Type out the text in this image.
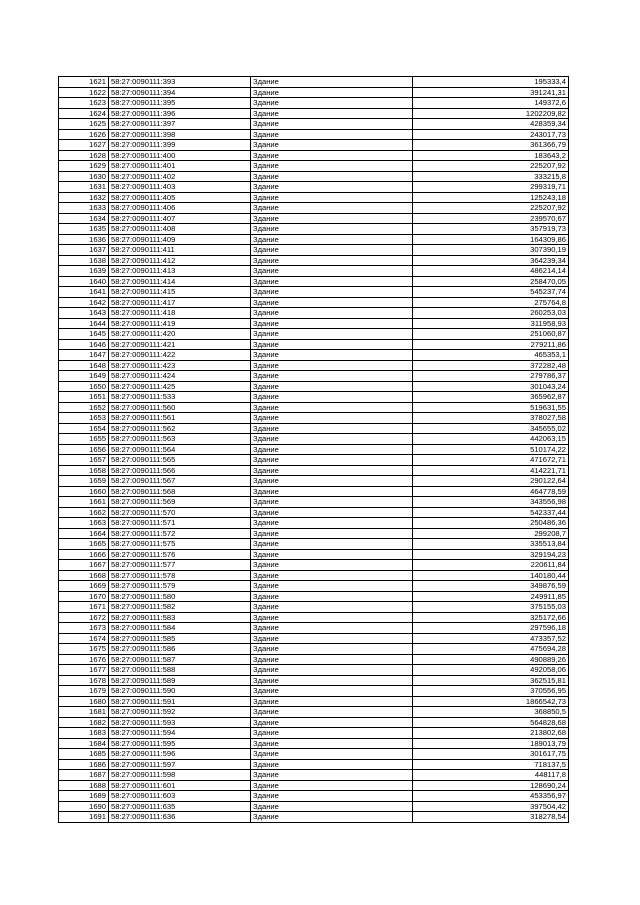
1621	58:27:0090111:393	Здание	195333,4
1622	58:27:0090111:394	Здание	391241,31
1623	58:27:0090111:395	Здание	149372,6
1624	58:27:0090111:396	Здание	1202209,82
1625	58:27:0090111:397	Здание	428359,34
1626	58:27:0090111:398	Здание	243017,73
1627	58:27:0090111:399	Здание	361366,79
1628	58:27:0090111:400	Здание	183643,2
1629	58:27:0090111:401	Здание	225207,92
1630	58:27:0090111:402	Здание	333215,8
1631	58:27:0090111:403	Здание	299319,71
1632	58:27:0090111:405	Здание	125243,18
1633	58:27:0090111:406	Здание	225207,92
1634	58:27:0090111:407	Здание	239570,67
1635	58:27:0090111:408	Здание	357919,73
1636	58:27:0090111:409	Здание	164309,86
1637	58:27:0090111:411	Здание	307390,19
1638	58:27:0090111:412	Здание	364239,34
1639	58:27:0090111:413	Здание	486214,14
1640	58:27:0090111:414	Здание	258470,05
1641	58:27:0090111:415	Здание	545237,74
1642	58:27:0090111:417	Здание	275764,8
1643	58:27:0090111:418	Здание	260253,03
1644	58:27:0090111:419	Здание	311958,93
1645	58:27:0090111:420	Здание	251060,87
1646	58:27:0090111:421	Здание	279211,86
1647	58:27:0090111:422	Здание	465353,1
1648	58:27:0090111:423	Здание	372282,48
1649	58:27:0090111:424	Здание	279786,37
1650	58:27:0090111:425	Здание	301043,24
1651	58:27:0090111:533	Здание	365962,87
1652	58:27:0090111:560	Здание	519631,55
1653	58:27:0090111:561	Здание	378027,58
1654	58:27:0090111:562	Здание	345655,02
1655	58:27:0090111:563	Здание	442063,15
1656	58:27:0090111:564	Здание	510174,22
1657	58:27:0090111:565	Здание	471672,71
1658	58:27:0090111:566	Здание	414221,71
1659	58:27:0090111:567	Здание	290122,64
1660	58:27:0090111:568	Здание	464778,59
1661	58:27:0090111:569	Здание	343556,98
1662	58:27:0090111:570	Здание	542337,44
1663	58:27:0090111:571	Здание	250486,36
1664	58:27:0090111:572	Здание	299208,7
1665	58:27:0090111:575	Здание	335513,84
1666	58:27:0090111:576	Здание	329194,23
1667	58:27:0090111:577	Здание	220611,84
1668	58:27:0090111:578	Здание	140180,44
1669	58:27:0090111:579	Здание	349876,59
1670	58:27:0090111:580	Здание	249911,85
1671	58:27:0090111:582	Здание	375155,03
1672	58:27:0090111:583	Здание	325172,66
1673	58:27:0090111:584	Здание	297596,18
1674	58:27:0090111:585	Здание	473357,52
1675	58:27:0090111:586	Здание	475694,28
1676	58:27:0090111:587	Здание	490889,26
1677	58:27:0090111:588	Здание	492058,06
1678	58:27:0090111:589	Здание	362515,81
1679	58:27:0090111:590	Здание	370556,95
1680	58:27:0090111:591	Здание	1866542,73
1681	58:27:0090111:592	Здание	368850,5
1682	58:27:0090111:593	Здание	564828,68
1683	58:27:0090111:594	Здание	213802,68
1684	58:27:0090111:595	Здание	189013,79
1685	58:27:0090111:596	Здание	301617,75
1686	58:27:0090111:597	Здание	718137,5
1687	58:27:0090111:598	Здание	448117,8
1688	58:27:0090111:601	Здание	128690,24
1689	58:27:0090111:603	Здание	453356,97
1690	58:27:0090111:635	Здание	397504,42
1691	58:27:0090111:636	Здание	318278,54
